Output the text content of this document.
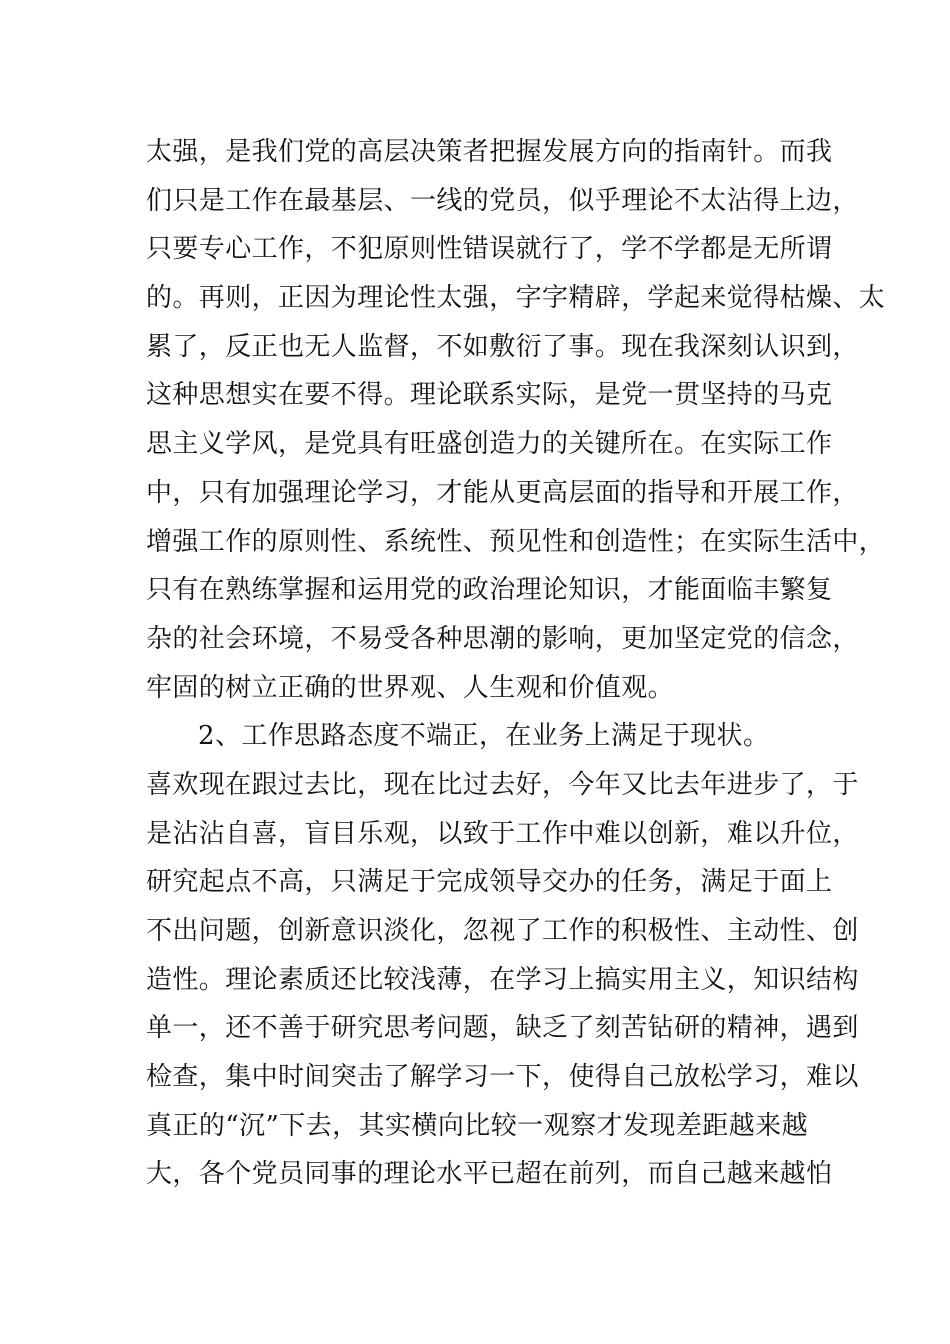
太强，是我们党的高层决策者把握发展方向的指南针。而我
们只是工作在最基层、一线的党员，似乎理论不太沾得上边，
只要专心工作，不犯原则性错误就行了，学不学都是无所谓
的。再则，正因为理论性太强，字字精辟，学起来觉得枯燥、太
累了，反正也无人监督，不如敷衍了事。现在我深刻认识到，
这种思想实在要不得。理论联系实际，是党一贯坚持的马克
思主义学风，是党具有旺盛创造力的关键所在。在实际工作
中，只有加强理论学习，才能从更高层面的指导和开展工作，
增强工作的原则性、系统性、预见性和创造性；在实际生活中，
只有在熟练掌握和运用党的政治理论知识，才能面临丰繁复
杂的社会环境，不易受各种思潮的影响，更加坚定党的信念，
牢固的树立正确的世界观、人生观和价值观。
2、工作思路态度不端正，在业务上满足于现状。
喜欢现在跟过去比，现在比过去好，今年又比去年进步了，于
是沾沾自喜，盲目乐观，以致于工作中难以创新，难以升位，
研究起点不高，只满足于完成领导交办的任务，满足于面上
不出问题，创新意识淡化，忽视了工作的积极性、主动性、创
造性。理论素质还比较浅薄，在学习上搞实用主义，知识结构
单一，还不善于研究思考问题，缺乏了刻苦钻研的精神，遇到
检查，集中时间突击了解学习一下，使得自己放松学习，难以
真正的“沉”下去，其实横向比较一观察才发现差距越来越
大，各个党员同事的理论水平已超在前列，而自己越来越怕
